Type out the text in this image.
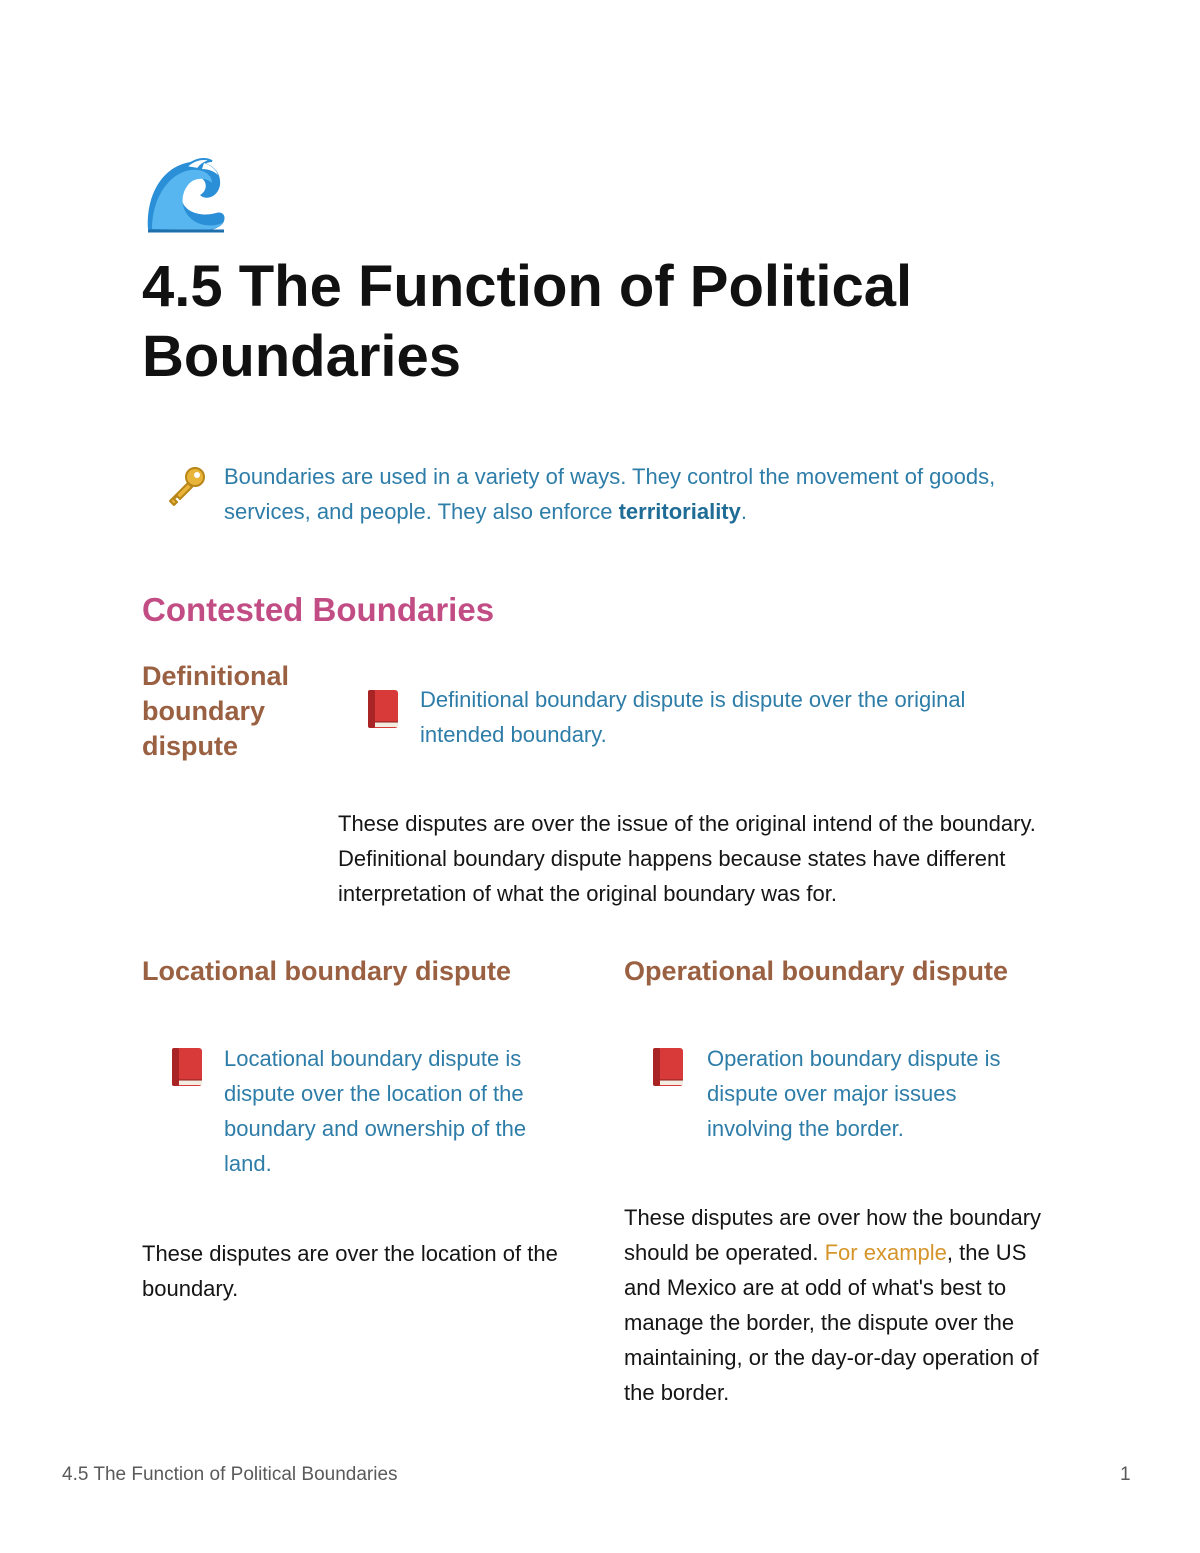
4.5 The Function of Political Boundaries

Boundaries are used in a variety of ways. They control the movement of goods, services, and people. They also enforce territoriality.

Contested Boundaries
Definitional boundary dispute

Definitional boundary dispute is dispute over the original intended boundary.

These disputes are over the issue of the original intend of the boundary. Definitional boundary dispute happens because states have different interpretation of what the original boundary was for.

Locational boundary dispute

Locational boundary dispute is dispute over the location of the boundary and ownership of the land.

These disputes are over the location of the boundary.

Operational boundary dispute

Operation boundary dispute is dispute over major issues involving the border.

These disputes are over how the boundary should be operated. For example, the US and Mexico are at odd of what's best to manage the border, the dispute over the maintaining, or the day-or-day operation of the border.

4.5 The Function of Political Boundaries	1
